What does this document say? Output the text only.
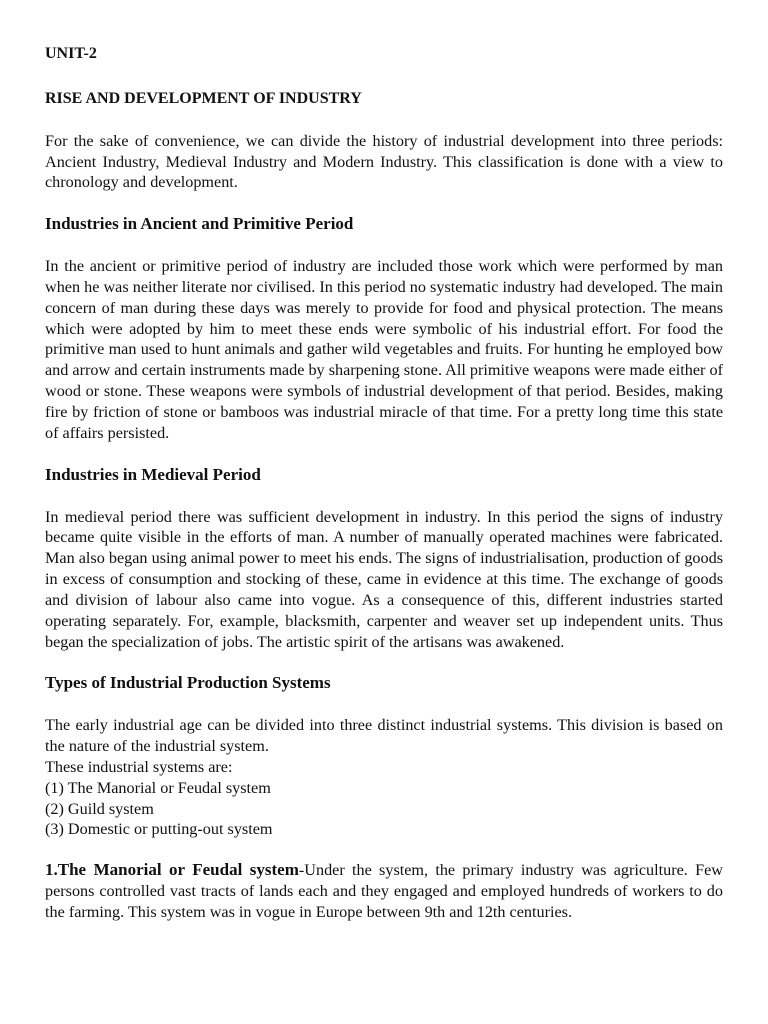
UNIT-2
RISE AND DEVELOPMENT OF INDUSTRY

For the sake of convenience, we can divide the history of industrial development into three periods: Ancient Industry, Medieval Industry and Modern Industry. This classification is done with a view to chronology and development.

Industries in Ancient and Primitive Period

In the ancient or primitive period of industry are included those work which were performed by man when he was neither literate nor civilised. In this period no systematic industry had developed. The main concern of man during these days was merely to provide for food and physical protection. The means which were adopted by him to meet these ends were symbolic of his industrial effort. For food the primitive man used to hunt animals and gather wild vegetables and fruits. For hunting he employed bow and arrow and certain instruments made by sharpening stone. All primitive weapons were made either of wood or stone. These weapons were symbols of industrial development of that period. Besides, making fire by friction of stone or bamboos was industrial miracle of that time. For a pretty long time this state of affairs persisted.

Industries in Medieval Period

In medieval period there was sufficient development in industry. In this period the signs of industry became quite visible in the efforts of man. A number of manually operated machines were fabricated. Man also began using animal power to meet his ends. The signs of industrialisation, production of goods in excess of consumption and stocking of these, came in evidence at this time. The exchange of goods and division of labour also came into vogue. As a consequence of this, different industries started operating separately. For, example, blacksmith, carpenter and weaver set up independent units. Thus began the specialization of jobs. The artistic spirit of the artisans was awakened.

Types of Industrial Production Systems

The early industrial age can be divided into three distinct industrial systems. This division is based on the nature of the industrial system.

These industrial systems are:
(1) The Manorial or Feudal system
(2) Guild system
(3) Domestic or putting-out system

1.The Manorial or Feudal system-Under the system, the primary industry was agriculture. Few persons controlled vast tracts of lands each and they engaged and employed hundreds of workers to do the farming. This system was in vogue in Europe between 9th and 12th centuries.
